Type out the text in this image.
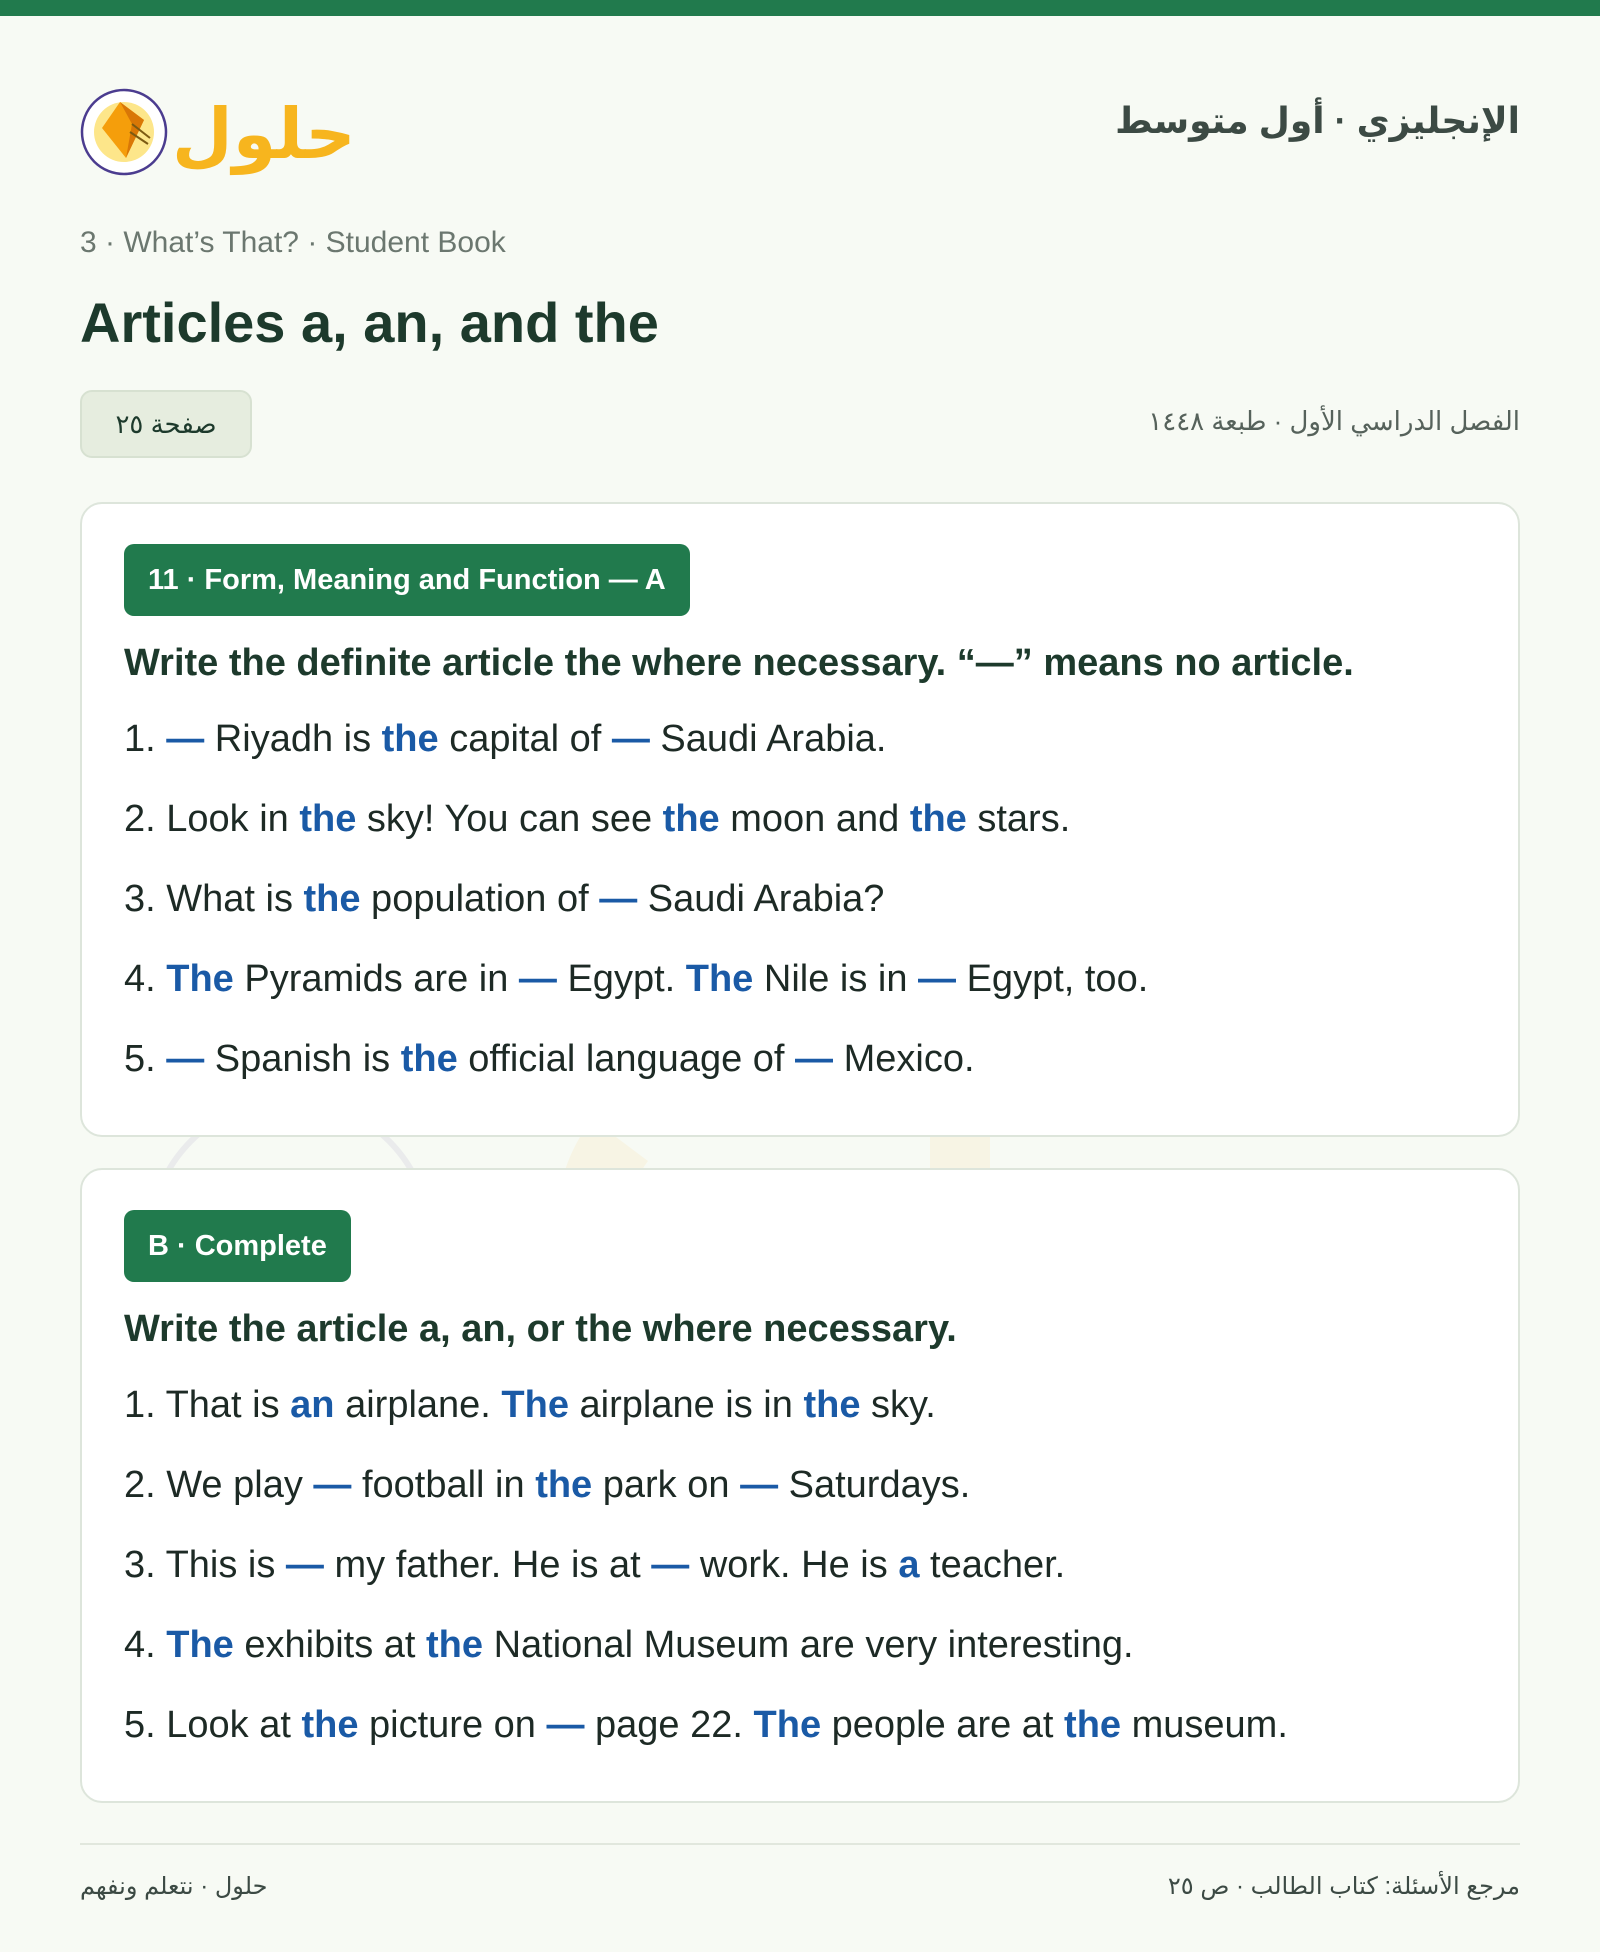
حلول	الإنجليزي · أول متوسط
3 · What’s That? · Student Book
Articles a, an, and the
صفحة ٢٥	الفصل الدراسي الأول · طبعة ١٤٤٨
11 · Form, Meaning and Function — A
Write the definite article the where necessary. “—” means no article.
1. — Riyadh is the capital of — Saudi Arabia.
2. Look in the sky! You can see the moon and the stars.
3. What is the population of — Saudi Arabia?
4. The Pyramids are in — Egypt. The Nile is in — Egypt, too.
5. — Spanish is the official language of — Mexico.
B · Complete
Write the article a, an, or the where necessary.
1. That is an airplane. The airplane is in the sky.
2. We play — football in the park on — Saturdays.
3. This is — my father. He is at — work. He is a teacher.
4. The exhibits at the National Museum are very interesting.
5. Look at the picture on — page 22. The people are at the museum.
حلول · نتعلم ونفهم	مرجع الأسئلة: كتاب الطالب · ص ٢٥
